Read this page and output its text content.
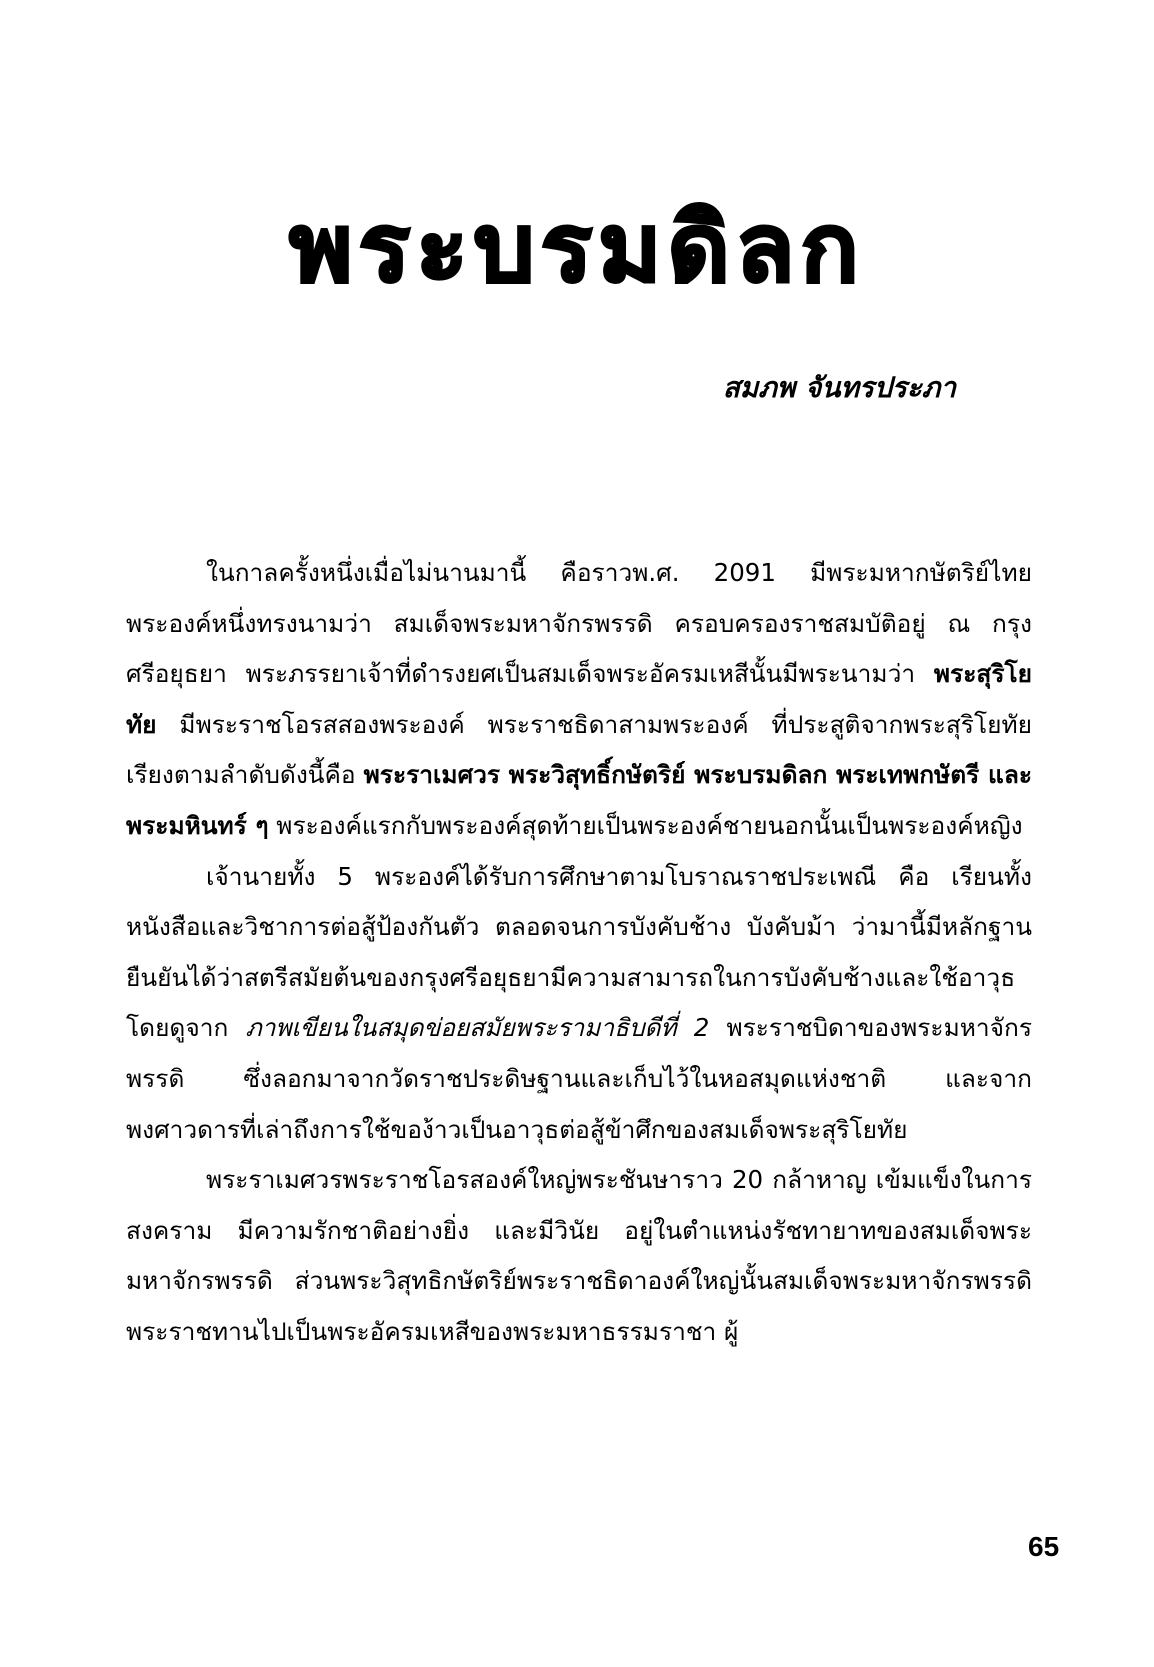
พระบรมดิลก
สมภพ จันทรประภา

ในกาลครั้งหนึ่งเมื่อไม่นานมานี้ คือราวพ.ศ. 2091 มีพระมหากษัตริย์ไทย พระองค์หนึ่งทรงนามว่า สมเด็จพระมหาจักรพรรดิ ครอบครองราชสมบัติอยู่ ณ กรุงศรีอยุธยา พระภรรยาเจ้าที่ดำรงยศเป็นสมเด็จพระอัครมเหสีนั้นมีพระนามว่า พระสุริโยทัย มีพระราชโอรสสองพระองค์ พระราชธิดาสามพระองค์ ที่ประสูติจากพระสุริโยทัย เรียงตามลำดับดังนี้คือ พระราเมศวร พระวิสุทธิ์กษัตริย์ พระบรมดิลก พระเทพกษัตรี และพระมหินทร์ ๆ พระองค์แรกกับพระองค์สุดท้ายเป็นพระองค์ชายนอกนั้นเป็นพระองค์หญิง

เจ้านายทั้ง 5 พระองค์ได้รับการศึกษาตามโบราณราชประเพณี คือ เรียนทั้งหนังสือและวิชาการต่อสู้ป้องกันตัว ตลอดจนการบังคับช้าง บังคับม้า ว่ามานี้มีหลักฐานยืนยันได้ว่าสตรีสมัยต้นของกรุงศรีอยุธยามีความสามารถในการบังคับช้างและใช้อาวุธ โดยดูจาก ภาพเขียนในสมุดข่อยสมัยพระรามาธิบดีที่ 2 พระราชบิดาของพระมหาจักรพรรดิ ซึ่งลอกมาจากวัดราชประดิษฐานและเก็บไว้ในหอสมุดแห่งชาติ และจากพงศาวดารที่เล่าถึงการใช้ของ้าวเป็นอาวุธต่อสู้ข้าศึกของสมเด็จพระสุริโยทัย

พระราเมศวรพระราชโอรสองค์ใหญ่พระชันษาราว 20 กล้าหาญ เข้มแข็งในการสงคราม มีความรักชาติอย่างยิ่ง และมีวินัย อยู่ในตำแหน่งรัชทายาทของสมเด็จพระมหาจักรพรรดิ ส่วนพระวิสุทธิกษัตริย์พระราชธิดาองค์ใหญ่นั้นสมเด็จพระมหาจักรพรรดิพระราชทานไปเป็นพระอัครมเหสีของพระมหาธรรมราชา ผู้

65
